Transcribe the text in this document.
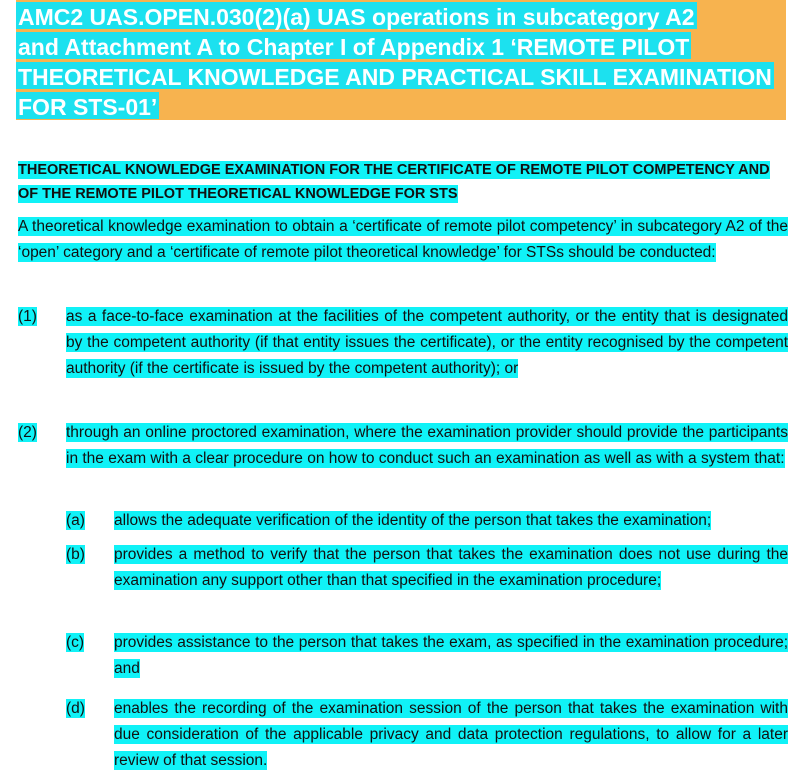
AMC2 UAS.OPEN.030(2)(a) UAS operations in subcategory A2
and Attachment A to Chapter I of Appendix 1 ‘REMOTE PILOT
THEORETICAL KNOWLEDGE AND PRACTICAL SKILL EXAMINATION
FOR STS-01’
THEORETICAL KNOWLEDGE EXAMINATION FOR THE CERTIFICATE OF REMOTE PILOT COMPETENCY AND OF THE REMOTE PILOT THEORETICAL KNOWLEDGE FOR STS
A theoretical knowledge examination to obtain a ‘certificate of remote pilot competency’ in subcategory A2 of the ‘open’ category and a ‘certificate of remote pilot theoretical knowledge’ for STSs should be conducted:
(1) as a face-to-face examination at the facilities of the competent authority, or the entity that is designated by the competent authority (if that entity issues the certificate), or the entity recognised by the competent authority (if the certificate is issued by the competent authority); or
(2) through an online proctored examination, where the examination provider should provide the participants in the exam with a clear procedure on how to conduct such an examination as well as with a system that:
(a) allows the adequate verification of the identity of the person that takes the examination;
(b) provides a method to verify that the person that takes the examination does not use during the examination any support other than that specified in the examination procedure;
(c) provides assistance to the person that takes the exam, as specified in the examination procedure; and
(d) enables the recording of the examination session of the person that takes the examination with due consideration of the applicable privacy and data protection regulations, to allow for a later review of that session.
